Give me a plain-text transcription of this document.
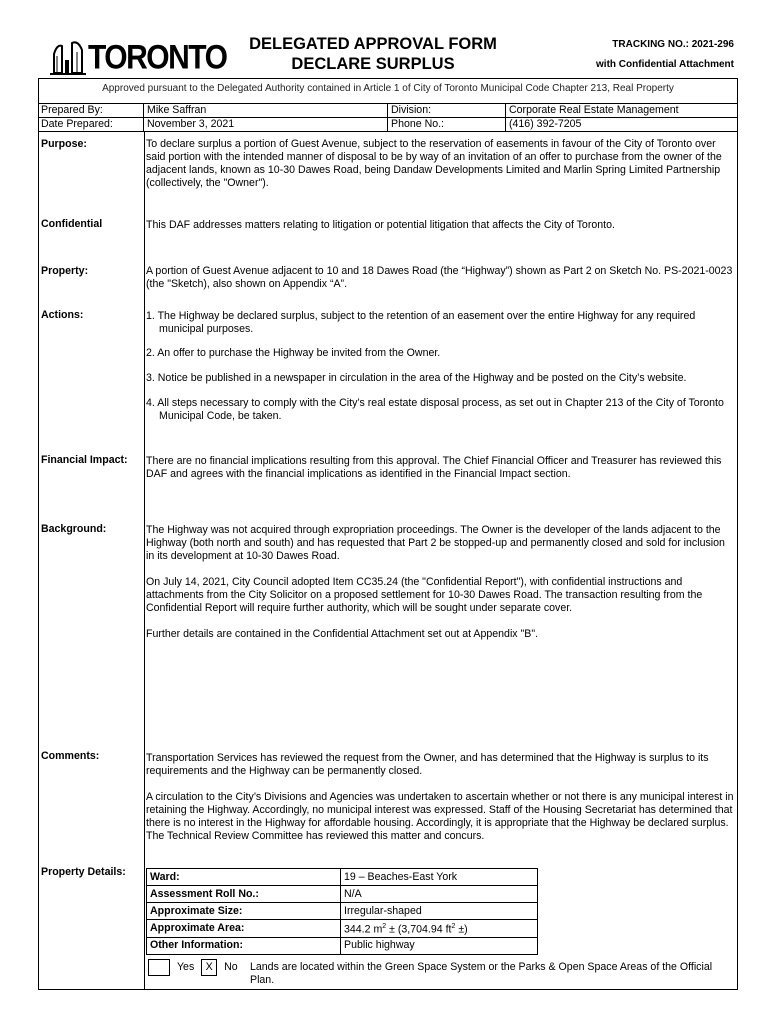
TORONTO	DELEGATED APPROVAL FORM
DECLARE SURPLUS
TRACKING NO.: 2021-296
with Confidential Attachment
Approved pursuant to the Delegated Authority contained in Article 1 of City of Toronto Municipal Code Chapter 213, Real Property
Prepared By:	Mike Saffran	Division:	Corporate Real Estate Management
Date Prepared:	November 3, 2021	Phone No.:	(416) 392-7205
Purpose:	To declare surplus a portion of Guest Avenue, subject to the reservation of easements in favour of the City of Toronto over said portion with the intended manner of disposal to be by way of an invitation of an offer to purchase from the owner of the adjacent lands, known as 10-30 Dawes Road, being Dandaw Developments Limited and Marlin Spring Limited Partnership (collectively, the "Owner").
Confidential	This DAF addresses matters relating to litigation or potential litigation that affects the City of Toronto.
Property:	A portion of Guest Avenue adjacent to 10 and 18 Dawes Road (the “Highway”) shown as Part 2 on Sketch No. PS-2021-0023 (the "Sketch), also shown on Appendix “A”.
Actions:	1. The Highway be declared surplus, subject to the retention of an easement over the entire Highway for any required municipal purposes.
2. An offer to purchase the Highway be invited from the Owner.
3. Notice be published in a newspaper in circulation in the area of the Highway and be posted on the City’s website.
4. All steps necessary to comply with the City’s real estate disposal process, as set out in Chapter 213 of the City of Toronto Municipal Code, be taken.
Financial Impact: There are no financial implications resulting from this approval. The Chief Financial Officer and Treasurer has reviewed this DAF and agrees with the financial implications as identified in the Financial Impact section.
Background:	The Highway was not acquired through expropriation proceedings. The Owner is the developer of the lands adjacent to the Highway (both north and south) and has requested that Part 2 be stopped-up and permanently closed and sold for inclusion in its development at 10-30 Dawes Road.
On July 14, 2021, City Council adopted Item CC35.24 (the "Confidential Report"), with confidential instructions and attachments from the City Solicitor on a proposed settlement for 10-30 Dawes Road. The transaction resulting from the Confidential Report will require further authority, which will be sought under separate cover.
Further details are contained in the Confidential Attachment set out at Appendix "B".
Comments:	Transportation Services has reviewed the request from the Owner, and has determined that the Highway is surplus to its requirements and the Highway can be permanently closed.
A circulation to the City’s Divisions and Agencies was undertaken to ascertain whether or not there is any municipal interest in retaining the Highway. Accordingly, no municipal interest was expressed. Staff of the Housing Secretariat has determined that there is no interest in the Highway for affordable housing. Accordingly, it is appropriate that the Highway be declared surplus. The Technical Review Committee has reviewed this matter and concurs.
Property Details: Ward:	19 – Beaches-East York
Assessment Roll No.:	N/A
Approximate Size:	Irregular-shaped
Approximate Area:	344.2 $m^2 \pm (3,704.94$ $ft^2$ ±)
Other Information:	Public highway
Yes X No Lands are located within the Green Space System or the Parks & Open Space Areas of the Official Plan.
